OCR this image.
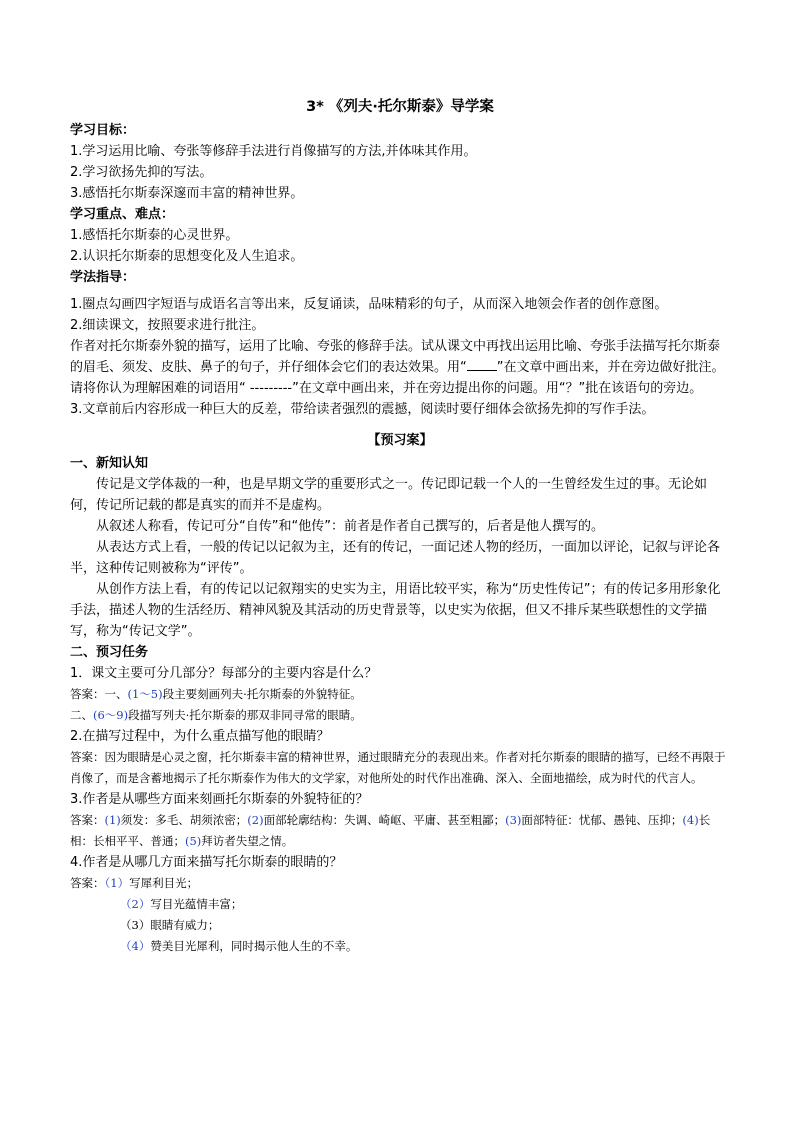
3* 《列夫·托尔斯泰》导学案
学习目标：
1.学习运用比喻、夸张等修辞手法进行肖像描写的方法,并体味其作用。
2.学习欲扬先抑的写法。
3.感悟托尔斯泰深邃而丰富的精神世界。
学习重点、难点：
1.感悟托尔斯泰的心灵世界。
2.认识托尔斯泰的思想变化及人生追求。
学法指导：
1.圈点勾画四字短语与成语名言等出来，反复诵读，品味精彩的句子，从而深入地领会作者的创作意图。
2.细读课文，按照要求进行批注。
作者对托尔斯泰外貌的描写，运用了比喻、夸张的修辞手法。试从课文中再找出运用比喻、夸张手法描写托尔斯泰的眉毛、须发、皮肤、鼻子的句子，并仔细体会它们的表达效果。用“ ”在文章中画出来，并在旁边做好批注。请将你认为理解困难的词语用“ ---------”在文章中画出来，并在旁边提出你的问题。用“？”批在该语句的旁边。
3.文章前后内容形成一种巨大的反差，带给读者强烈的震撼，阅读时要仔细体会欲扬先抑的写作手法。
【预习案】
一、新知认知
传记是文学体裁的一种，也是早期文学的重要形式之一。传记即记载一个人的一生曾经发生过的事。无论如何，传记所记载的都是真实的而并不是虚构。
从叙述人称看，传记可分“自传”和“他传”：前者是作者自己撰写的，后者是他人撰写的。
从表达方式上看，一般的传记以记叙为主，还有的传记，一面记述人物的经历，一面加以评论，记叙与评论各半，这种传记则被称为“评传”。
从创作方法上看，有的传记以记叙翔实的史实为主，用语比较平实，称为“历史性传记”；有的传记多用形象化手法，描述人物的生活经历、精神风貌及其活动的历史背景等，以史实为依据，但又不排斥某些联想性的文学描写，称为“传记文学”。
二、预习任务
1．课文主要可分几部分？每部分的主要内容是什么？
答案：一、(1～5)段主要刻画列夫·托尔斯泰的外貌特征。
二、(6～9)段描写列夫·托尔斯泰的那双非同寻常的眼睛。
2.在描写过程中，为什么重点描写他的眼睛？
答案：因为眼睛是心灵之窗，托尔斯泰丰富的精神世界，通过眼睛充分的表现出来。作者对托尔斯泰的眼睛的描写，已经不再限于肖像了，而是含蓄地揭示了托尔斯泰作为伟大的文学家，对他所处的时代作出准确、深入、全面地描绘，成为时代的代言人。
3.作者是从哪些方面来刻画托尔斯泰的外貌特征的？
答案：(1)须发：多毛、胡须浓密；(2)面部轮廓结构：失调、崎岖、平庸、甚至粗鄙；(3)面部特征：忧郁、愚钝、压抑；(4)长相：长相平平、普通；(5)拜访者失望之情。
4.作者是从哪几方面来描写托尔斯泰的眼睛的？
答案：（1）写犀利目光；
（2）写目光蕴情丰富；
（3）眼睛有威力；
（4）赞美目光犀利，同时揭示他人生的不幸。
